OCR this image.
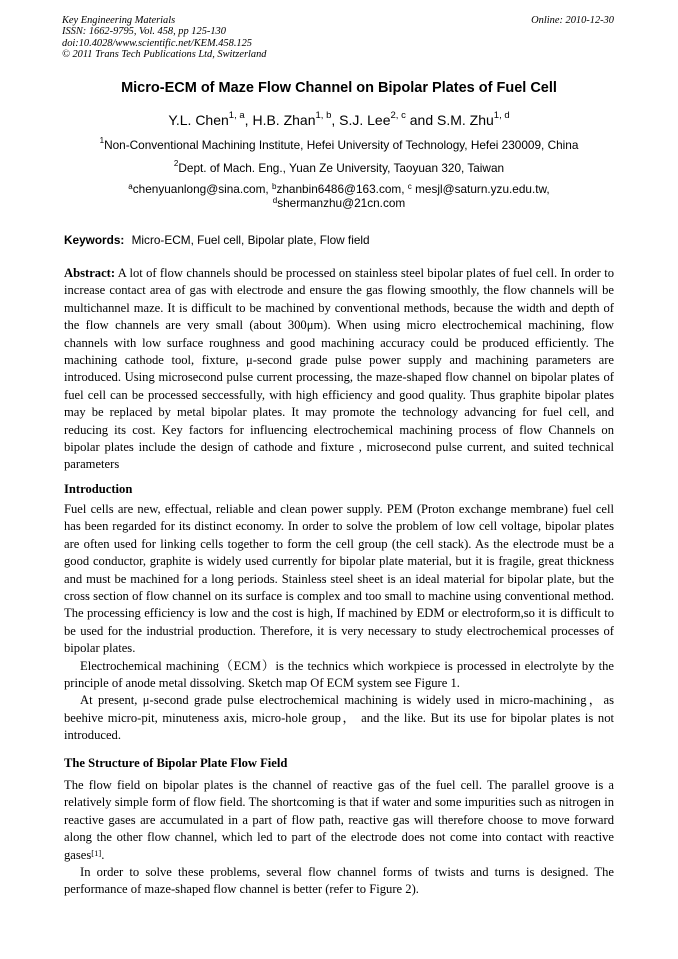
Key Engineering Materials
ISSN: 1662-9795, Vol. 458, pp 125-130
doi:10.4028/www.scientific.net/KEM.458.125
© 2011 Trans Tech Publications Ltd, Switzerland
Online: 2010-12-30
Micro-ECM of Maze Flow Channel on Bipolar Plates of Fuel Cell
Y.L. Chen$^{1, a}$, H.B. Zhan$^{1, b}$, S.J. Lee$^{2, c}$ and S.M. Zhu$^{1, d}$
$^1$Non-Conventional Machining Institute, Hefei University of Technology, Hefei 230009, China
$^2$Dept. of Mach. Eng., Yuan Ze University, Taoyuan 320, Taiwan
$^a$chenyuanlong@sina.com, $^b$zhanbin6486@163.com, $^c$ mesjl@saturn.yzu.edu.tw,
$^d$shermanzhu@21cn.com
Keywords: Micro-ECM, Fuel cell, Bipolar plate, Flow field

Abstract: A lot of flow channels should be processed on stainless steel bipolar plates of fuel cell. In order to increase contact area of gas with electrode and ensure the gas flowing smoothly, the flow channels will be multichannel maze. It is difficult to be machined by conventional methods, because the width and depth of the flow channels are very small (about 300μm). When using micro electrochemical machining, flow channels with low surface roughness and good machining accuracy could be produced efficiently. The machining cathode tool, fixture, μ-second grade pulse power supply and machining parameters are introduced. Using microsecond pulse current processing, the maze-shaped flow channel on bipolar plates of fuel cell can be processed seccessfully, with high efficiency and good quality. Thus graphite bipolar plates may be replaced by metal bipolar plates. It may promote the technology advancing for fuel cell, and reducing its cost. Key factors for influencing electrochemical machining process of flow Channels on bipolar plates include the design of cathode and fixture , microsecond pulse current, and suited technical parameters

Introduction

Fuel cells are new, effectual, reliable and clean power supply. PEM (Proton exchange membrane) fuel cell has been regarded for its distinct economy. In order to solve the problem of low cell voltage, bipolar plates are often used for linking cells together to form the cell group (the cell stack). As the electrode must be a good conductor, graphite is widely used currently for bipolar plate material, but it is fragile, great thickness and must be machined for a long periods. Stainless steel sheet is an ideal material for bipolar plate, but the cross section of flow channel on its surface is complex and too small to machine using conventional method. The processing efficiency is low and the cost is high, If machined by EDM or electroform,so it is difficult to be used for the industrial production. Therefore, it is very necessary to study electrochemical processes of bipolar plates.

Electrochemical machining（ECM）is the technics which workpiece is processed in electrolyte by the principle of anode metal dissolving. Sketch map Of ECM system see Figure 1.

At present, μ-second grade pulse electrochemical machining is widely used in micro-machining，as beehive micro-pit, minuteness axis, micro-hole group， and the like. But its use for bipolar plates is not introduced.

The Structure of Bipolar Plate Flow Field

The flow field on bipolar plates is the channel of reactive gas of the fuel cell. The parallel groove is a relatively simple form of flow field. The shortcoming is that if water and some impurities such as nitrogen in reactive gases are accumulated in a part of flow path, reactive gas will therefore choose to move forward along the other flow channel, which led to part of the electrode does not come into contact with reactive gases[1].

In order to solve these problems, several flow channel forms of twists and turns is designed. The performance of maze-shaped flow channel is better (refer to Figure 2).
